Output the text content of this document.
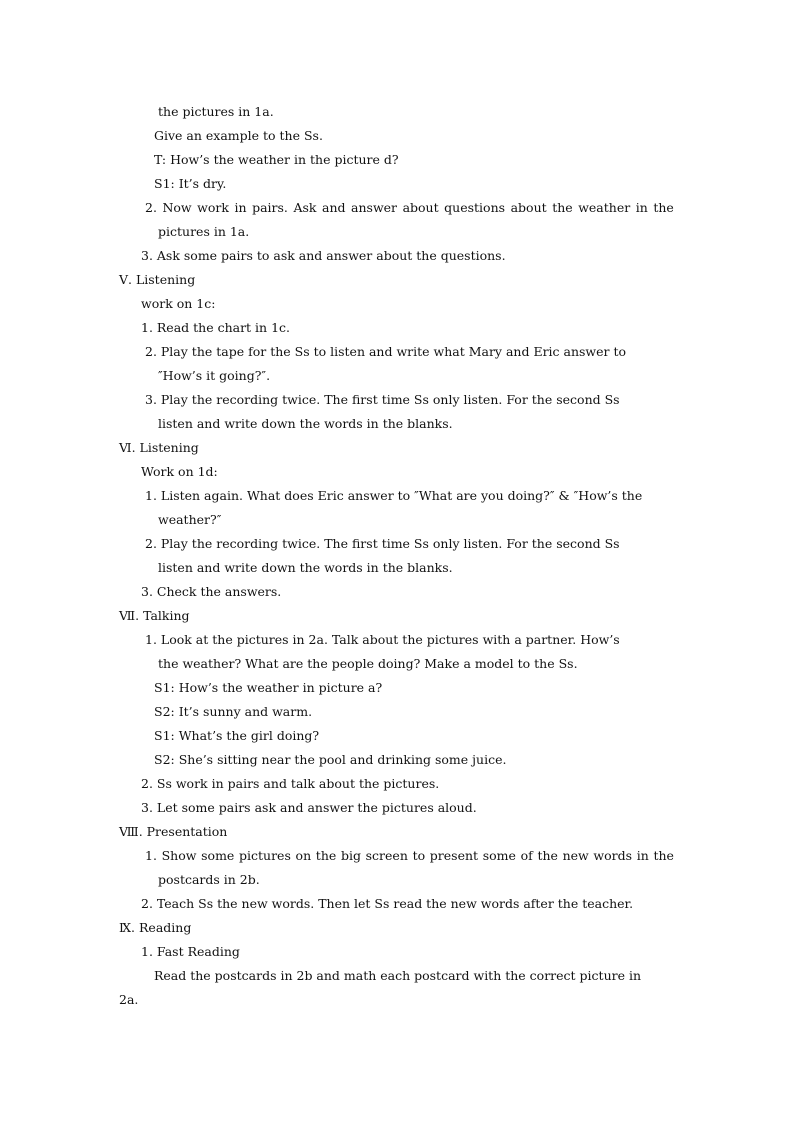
the pictures in 1a.
Give an example to the Ss.
T: How’s the weather in the picture d?
S1: It’s dry.
2. Now work in pairs. Ask and answer about questions about the weather in the
pictures in 1a.
3. Ask some pairs to ask and answer about the questions.
Ⅴ. Listening
work on 1c:
1. Read the chart in 1c.
2. Play the tape for the Ss to listen and write what Mary and Eric answer to
″How’s it going?″.
3. Play the recording twice. The first time Ss only listen. For the second Ss
listen and write down the words in the blanks.
Ⅵ. Listening
Work on 1d:
1. Listen again. What does Eric answer to ″What are you doing?″ & ″How’s the
weather?″
2. Play the recording twice. The first time Ss only listen. For the second Ss
listen and write down the words in the blanks.
3. Check the answers.
Ⅶ. Talking
1. Look at the pictures in 2a. Talk about the pictures with a partner. How’s
the weather? What are the people doing? Make a model to the Ss.
S1: How’s the weather in picture a?
S2: It’s sunny and warm.
S1: What’s the girl doing?
S2: She’s sitting near the pool and drinking some juice.
2. Ss work in pairs and talk about the pictures.
3. Let some pairs ask and answer the pictures aloud.
Ⅷ. Presentation
1. Show some pictures on the big screen to present some of the new words in the
postcards in 2b.
2. Teach Ss the new words. Then let Ss read the new words after the teacher.
Ⅸ. Reading
1. Fast Reading
Read the postcards in 2b and math each postcard with the correct picture in
2a.
